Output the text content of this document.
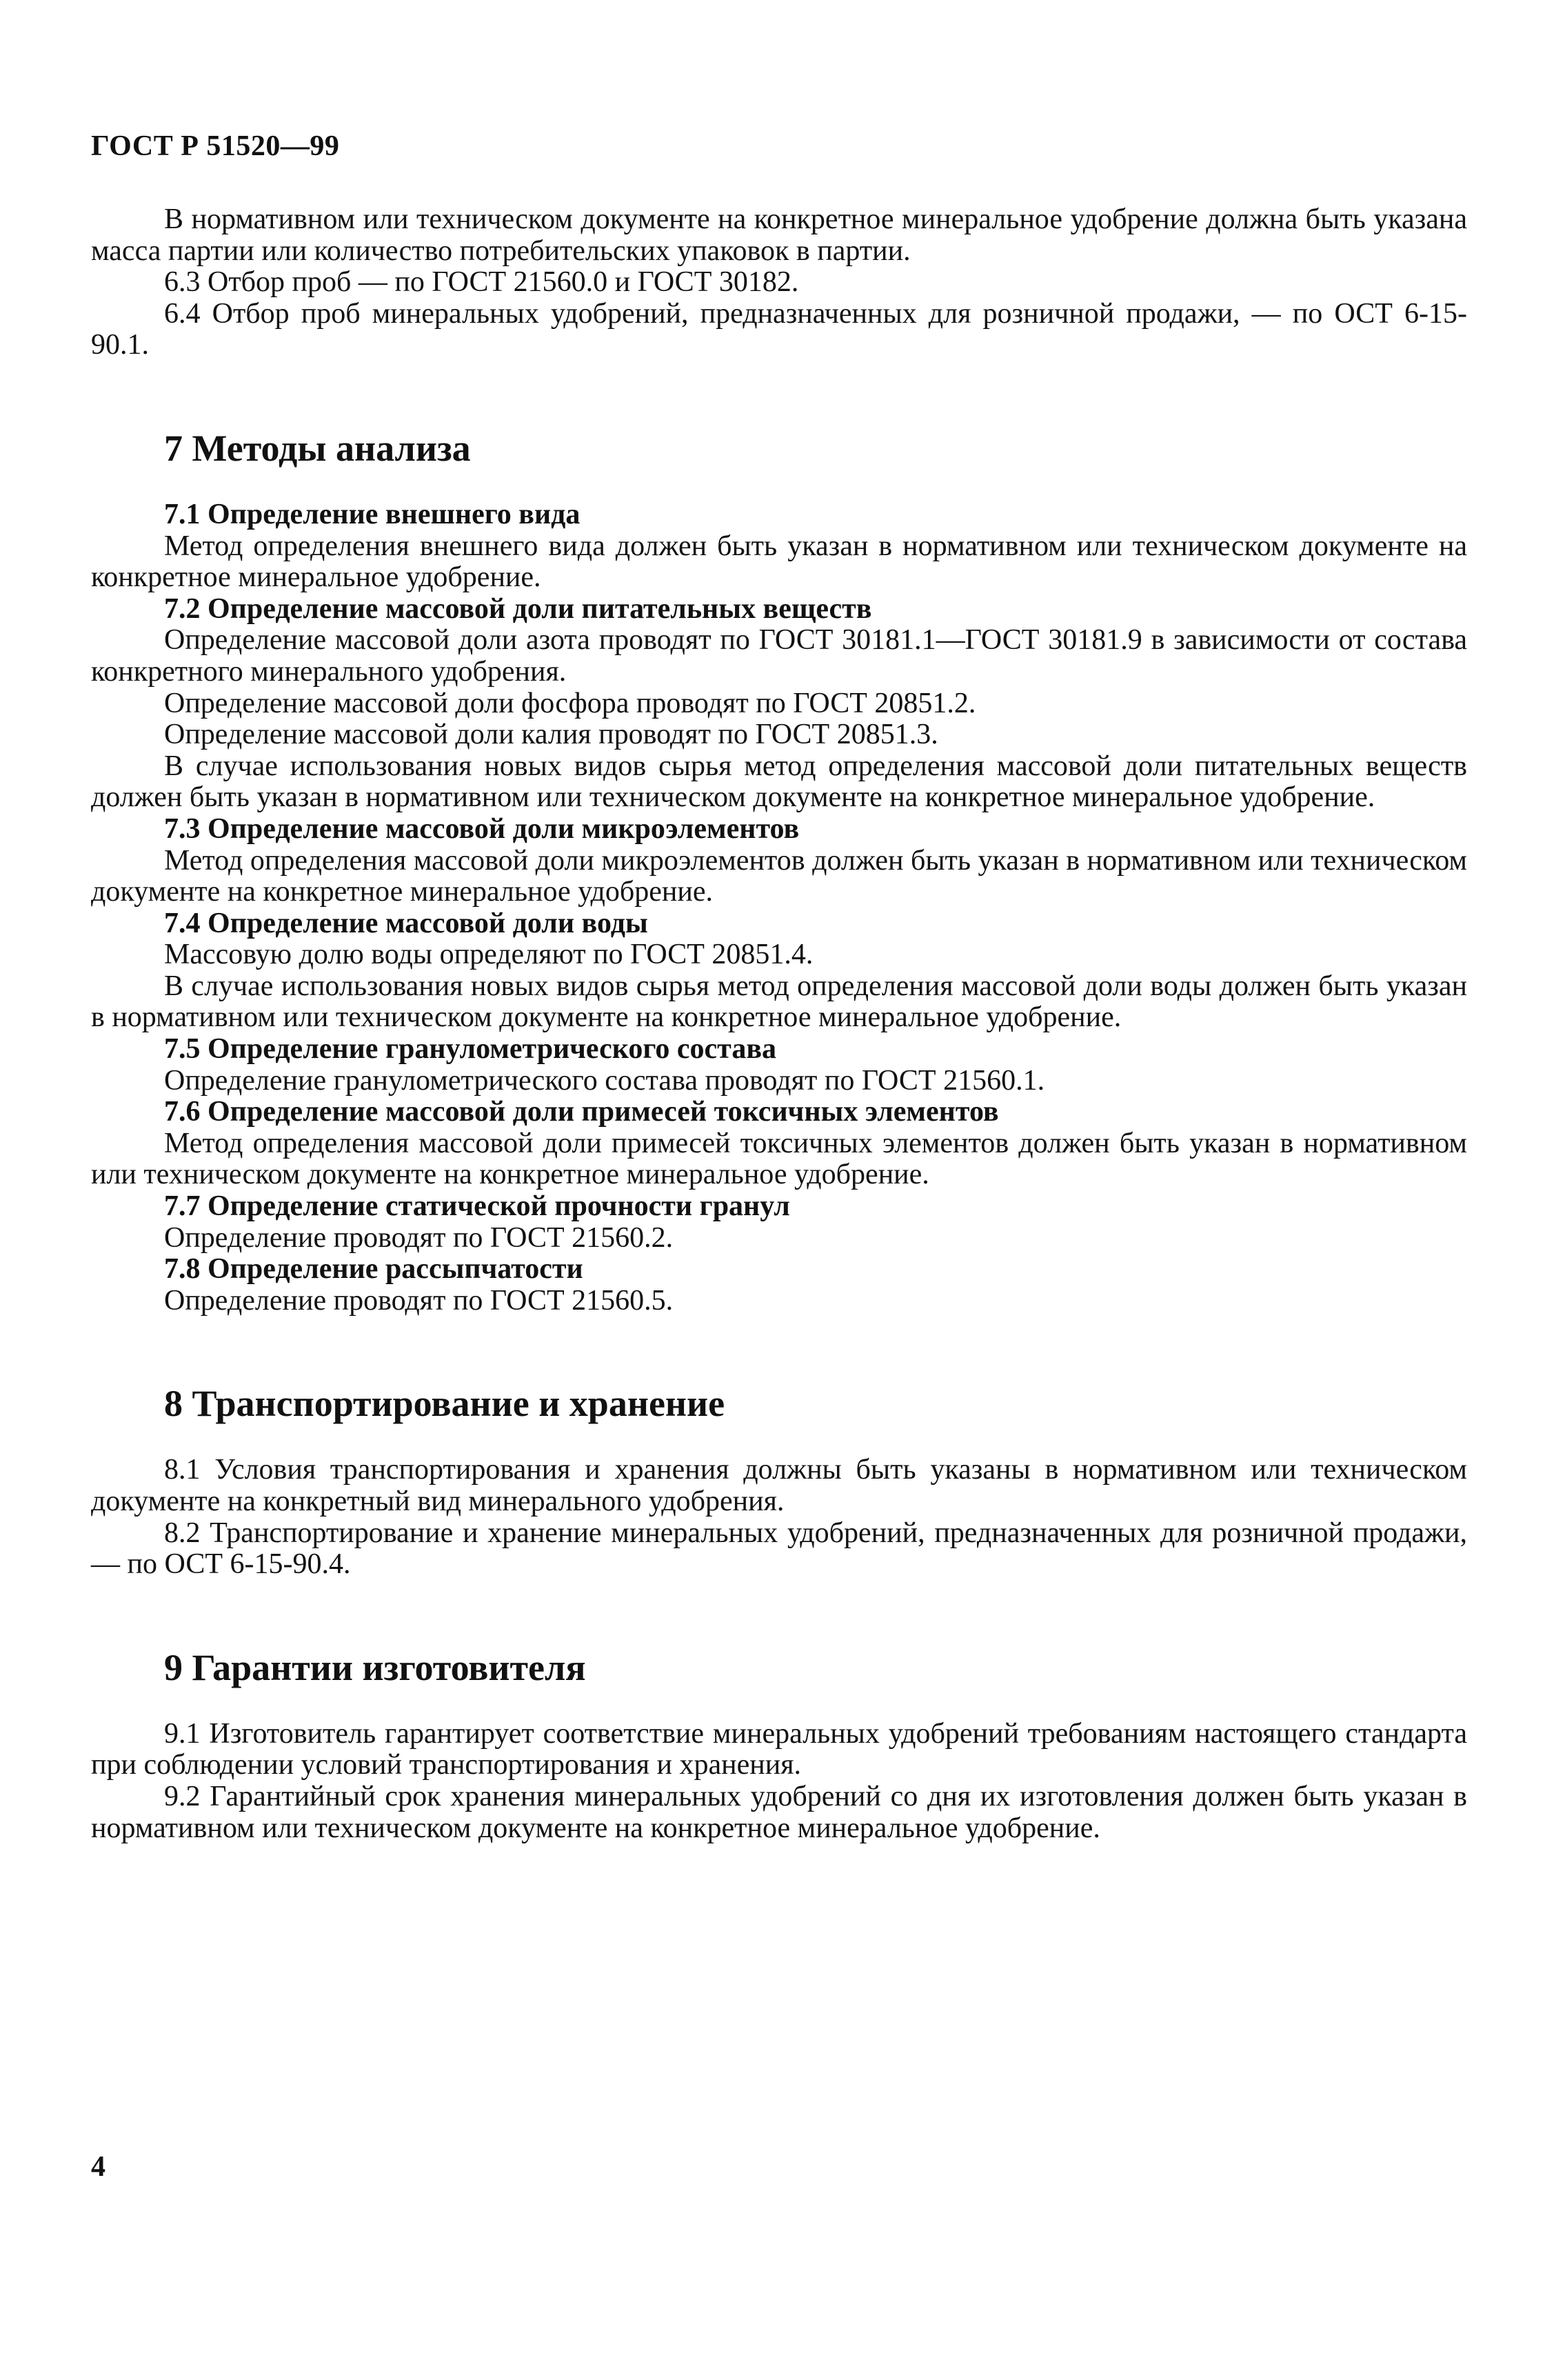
ГОСТ Р 51520—99

В нормативном или техническом документе на конкретное минеральное удобрение должна быть указана масса партии или количество потребительских упаковок в партии.

6.3 Отбор проб — по ГОСТ 21560.0 и ГОСТ 30182.

6.4 Отбор проб минеральных удобрений, предназначенных для розничной продажи, — по ОСТ 6-15-90.1.

7 Методы анализа

7.1 Определение внешнего вида

Метод определения внешнего вида должен быть указан в нормативном или техническом документе на конкретное минеральное удобрение.

7.2 Определение массовой доли питательных веществ

Определение массовой доли азота проводят по ГОСТ 30181.1—ГОСТ 30181.9 в зависимости от состава конкретного минерального удобрения.

Определение массовой доли фосфора проводят по ГОСТ 20851.2.

Определение массовой доли калия проводят по ГОСТ 20851.3.

В случае использования новых видов сырья метод определения массовой доли питательных веществ должен быть указан в нормативном или техническом документе на конкретное минеральное удобрение.

7.3 Определение массовой доли микроэлементов

Метод определения массовой доли микроэлементов должен быть указан в нормативном или техническом документе на конкретное минеральное удобрение.

7.4 Определение массовой доли воды

Массовую долю воды определяют по ГОСТ 20851.4.

В случае использования новых видов сырья метод определения массовой доли воды должен быть указан в нормативном или техническом документе на конкретное минеральное удобрение.

7.5 Определение гранулометрического состава

Определение гранулометрического состава проводят по ГОСТ 21560.1.

7.6 Определение массовой доли примесей токсичных элементов

Метод определения массовой доли примесей токсичных элементов должен быть указан в нормативном или техническом документе на конкретное минеральное удобрение.

7.7 Определение статической прочности гранул

Определение проводят по ГОСТ 21560.2.

7.8 Определение рассыпчатости

Определение проводят по ГОСТ 21560.5.

8 Транспортирование и хранение

8.1 Условия транспортирования и хранения должны быть указаны в нормативном или техническом документе на конкретный вид минерального удобрения.

8.2 Транспортирование и хранение минеральных удобрений, предназначенных для розничной продажи, — по ОСТ 6-15-90.4.

9 Гарантии изготовителя

9.1 Изготовитель гарантирует соответствие минеральных удобрений требованиям настоящего стандарта при соблюдении условий транспортирования и хранения.

9.2 Гарантийный срок хранения минеральных удобрений со дня их изготовления должен быть указан в нормативном или техническом документе на конкретное минеральное удобрение.

4
